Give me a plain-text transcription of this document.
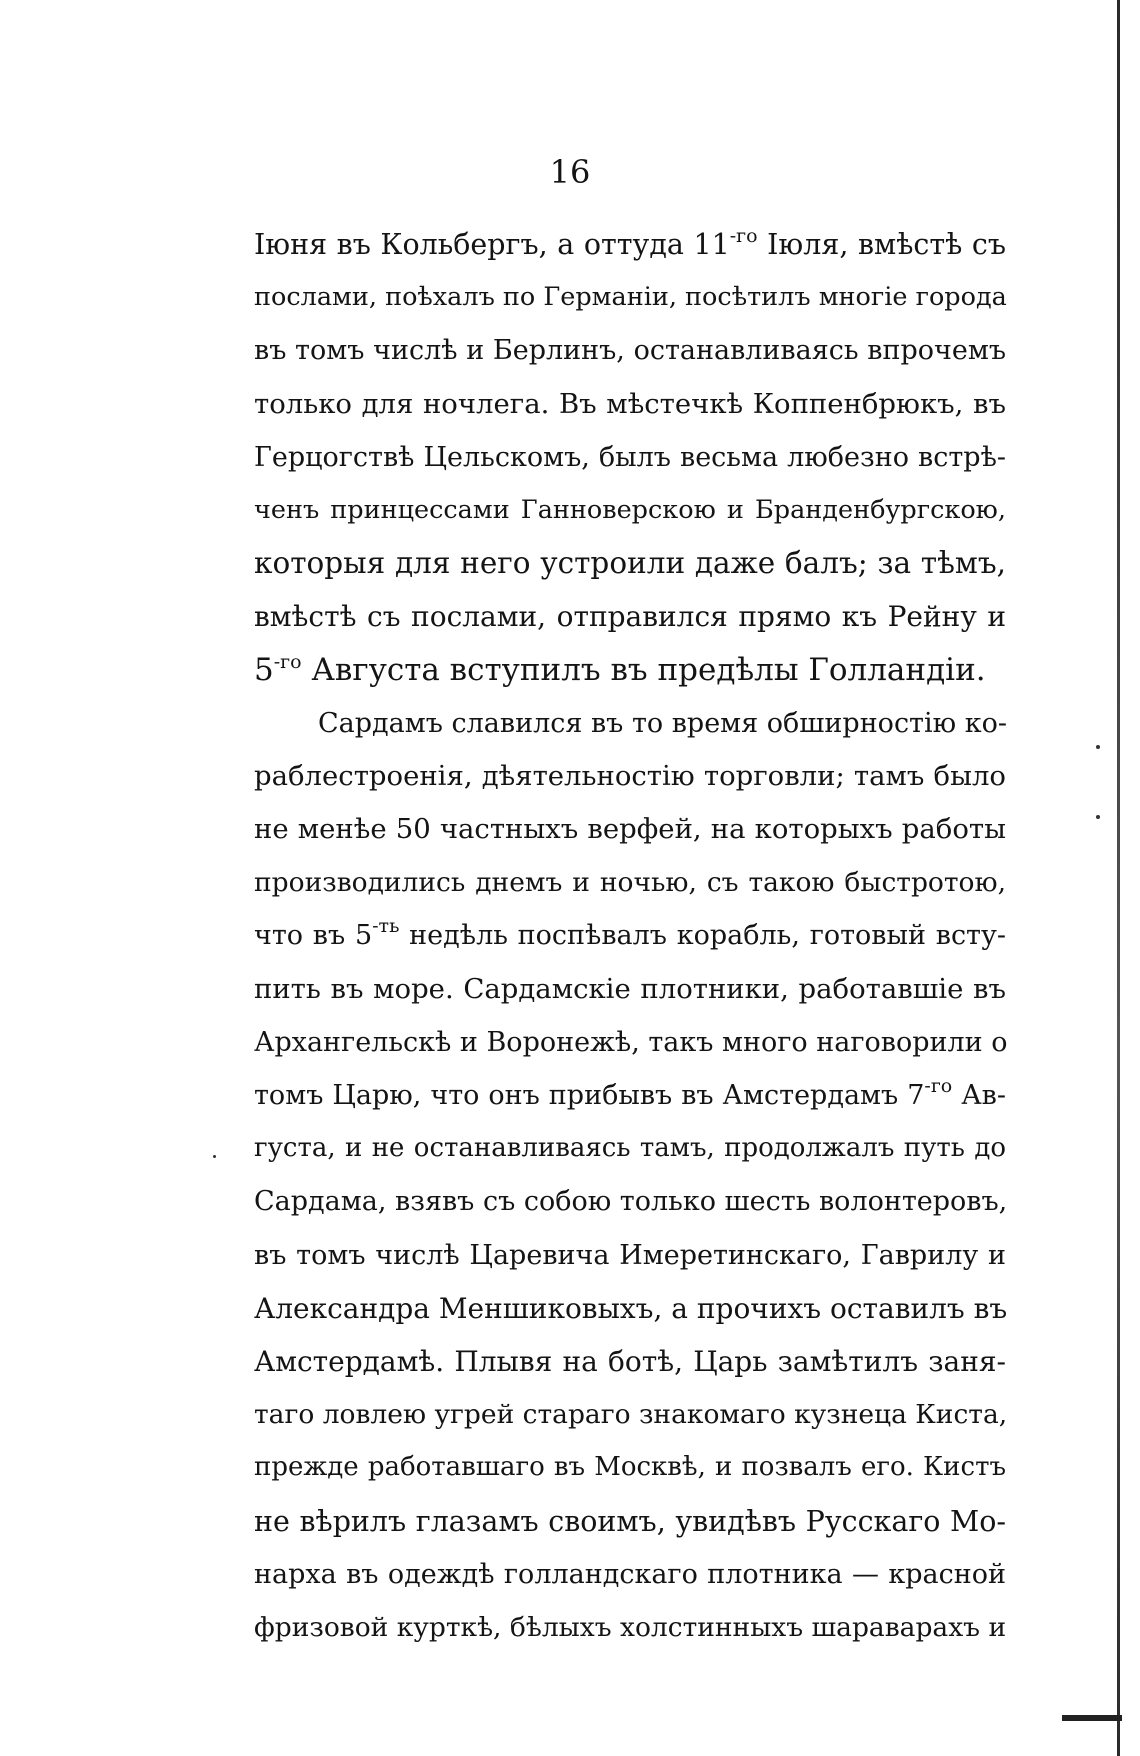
16
Іюня въ Кольбергъ, а оттуда $11^{-го}$ Іюля, вмѣстѣ съ
послами, поѣхалъ по Германіи, посѣтилъ многіе города
въ томъ числѣ и Берлинъ, останавливаясь впрочемъ
только для ночлега. Въ мѣстечкѣ Коппенбрюкъ, въ
Герцогствѣ Цельскомъ, былъ весьма любезно встрѣ-
ченъ принцессами Ганноверскою и Бранденбургскою,
которыя для него устроили даже балъ; за тѣмъ,
вмѣстѣ съ послами, отправился прямо къ Рейну и
$5^{-го}$ Августа вступилъ въ предѣлы Голландіи.
Сардамъ славился въ то время обширностію ко-
раблестроенія, дѣятельностію торговли; тамъ было
не менѣе 50 частныхъ верфей, на которыхъ работы
производились днемъ и ночью, съ такою быстротою,
что въ $5^{-ть}$ недѣль поспѣвалъ корабль, готовый всту-
пить въ море. Сардамскіе плотники, работавшіе въ
Архангельскѣ и Воронежѣ, такъ много наговорили о
томъ Царю, что онъ прибывъ въ Амстердамъ $7^{-го}$ Ав-
густа, и не останавливаясь тамъ, продолжалъ путь до
Сардама, взявъ съ собою только шесть волонтеровъ,
въ томъ числѣ Царевича Имеретинскаго, Гаврилу и
Александра Меншиковыхъ, а прочихъ оставилъ въ
Амстердамѣ. Плывя на ботѣ, Царь замѣтилъ заня-
таго ловлею угрей стараго знакомаго кузнеца Киста,
прежде работавшаго въ Москвѣ, и позвалъ его. Кистъ
не вѣрилъ глазамъ своимъ, увидѣвъ Русскаго Мо-
нарха въ одеждѣ голландскаго плотника — красной
фризовой курткѣ, бѣлыхъ холстинныхъ шараварахъ и
